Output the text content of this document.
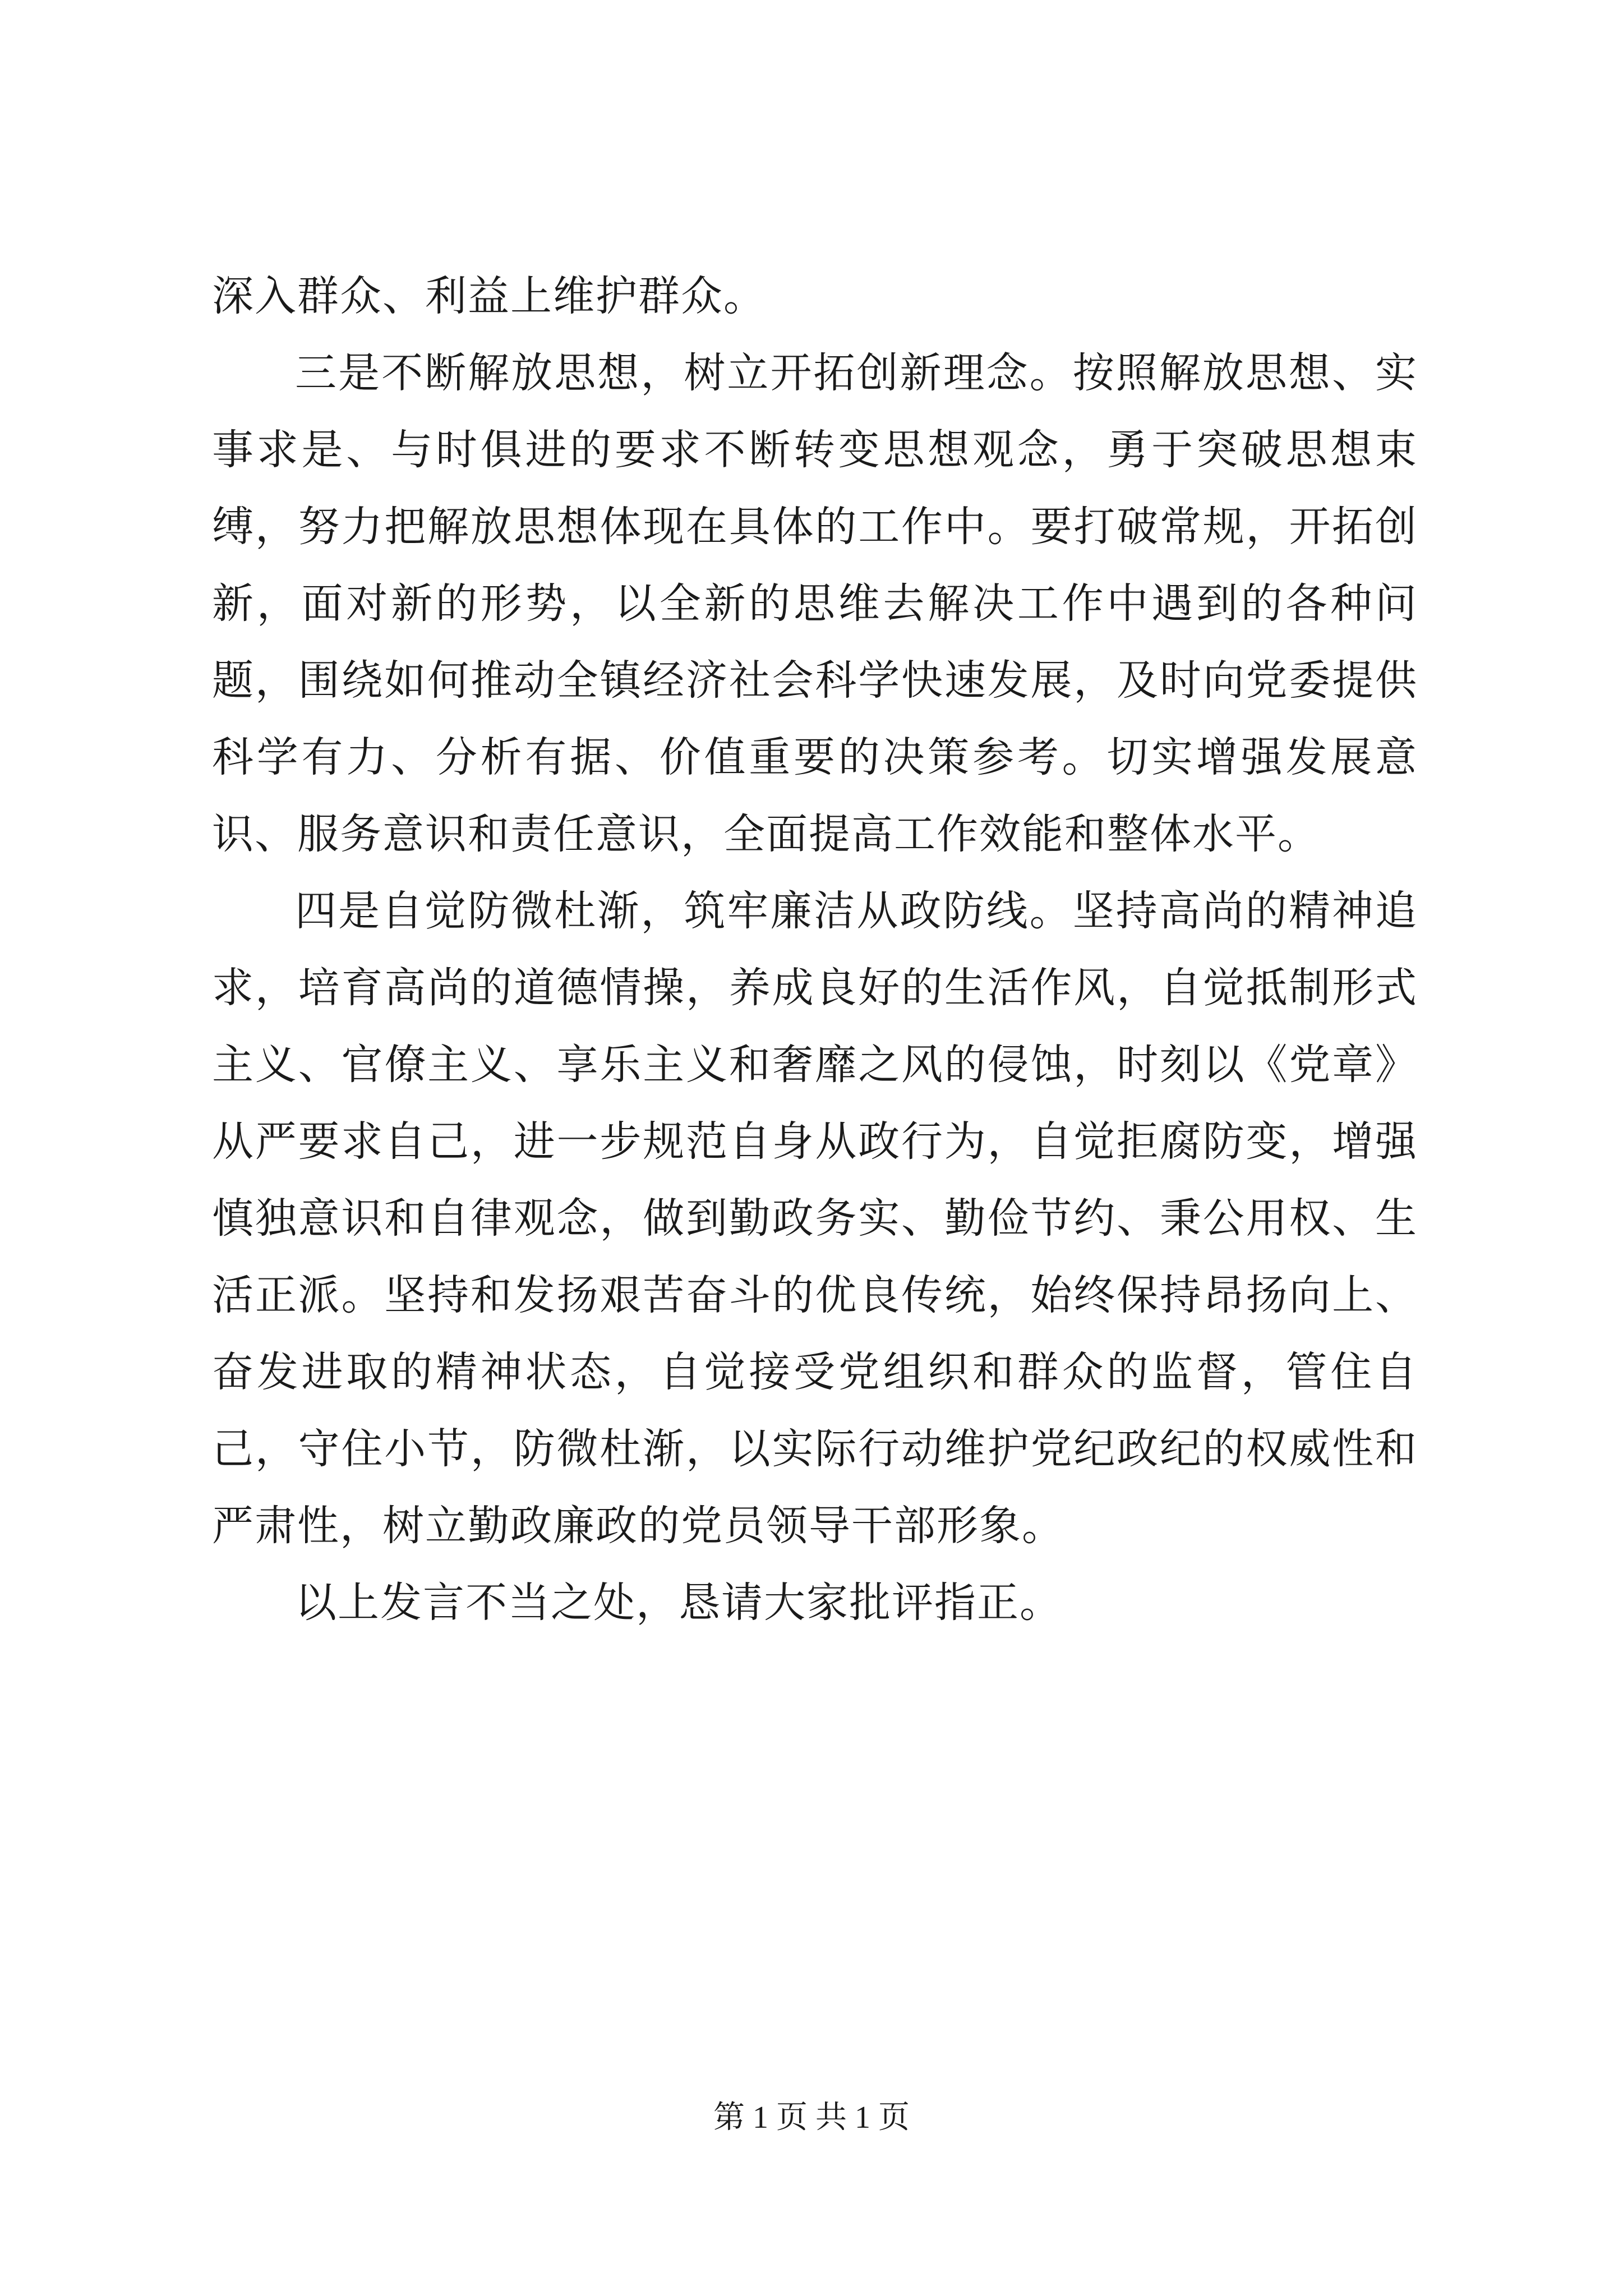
深入群众、利益上维护群众。

三是不断解放思想，树立开拓创新理念。按照解放思想、实事求是、与时俱进的要求不断转变思想观念，勇于突破思想束缚，努力把解放思想体现在具体的工作中。要打破常规，开拓创新，面对新的形势，以全新的思维去解决工作中遇到的各种问题，围绕如何推动全镇经济社会科学快速发展，及时向党委提供科学有力、分析有据、价值重要的决策参考。切实增强发展意识、服务意识和责任意识，全面提高工作效能和整体水平。

四是自觉防微杜渐，筑牢廉洁从政防线。坚持高尚的精神追求，培育高尚的道德情操，养成良好的生活作风，自觉抵制形式主义、官僚主义、享乐主义和奢靡之风的侵蚀，时刻以《党章》从严要求自己，进一步规范自身从政行为，自觉拒腐防变，增强慎独意识和自律观念，做到勤政务实、勤俭节约、秉公用权、生活正派。坚持和发扬艰苦奋斗的优良传统，始终保持昂扬向上、奋发进取的精神状态，自觉接受党组织和群众的监督，管住自己，守住小节，防微杜渐，以实际行动维护党纪政纪的权威性和严肃性，树立勤政廉政的党员领导干部形象。

以上发言不当之处，恳请大家批评指正。

第 1 页 共 1 页
